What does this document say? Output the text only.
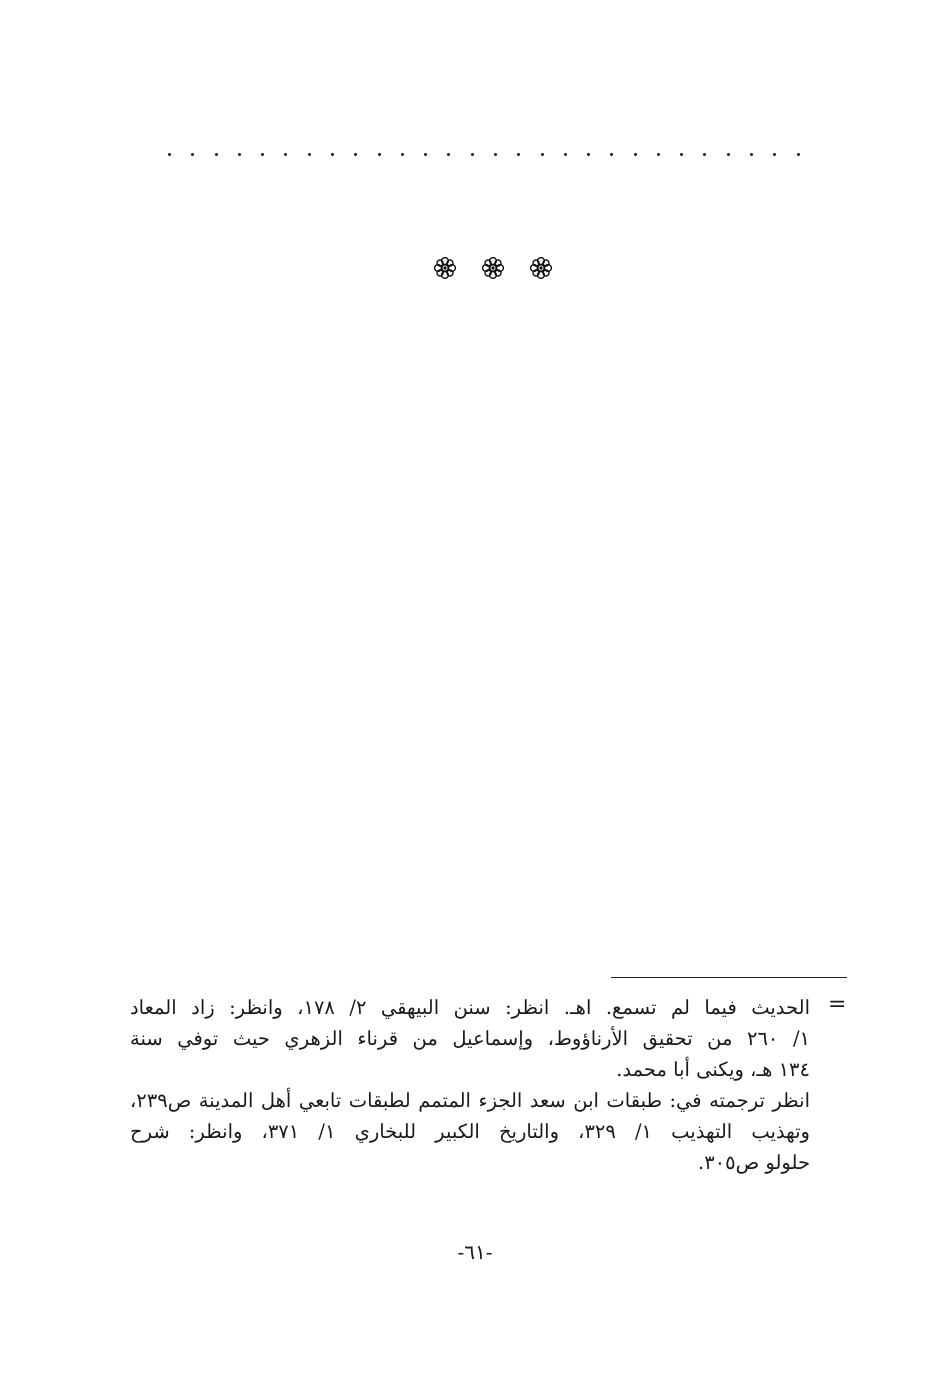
=
الحديث فيما لم تسمع. اهـ. انظر: سنن البيهقي ٢/ ١٧٨، وانظر: زاد المعاد
١/ ٢٦٠ من تحقيق الأرناؤوط، وإسماعيل من قرناء الزهري حيث توفي سنة
١٣٤ هـ، ويكنى أبا محمد.
انظر ترجمته في: طبقات ابن سعد الجزء المتمم لطبقات تابعي أهل المدينة ص٢٣٩،
وتهذيب التهذيب ١/ ٣٢٩، والتاريخ الكبير للبخاري ١/ ٣٧١، وانظر: شرح
حلولو ص٣٠٥.
-٦١-
